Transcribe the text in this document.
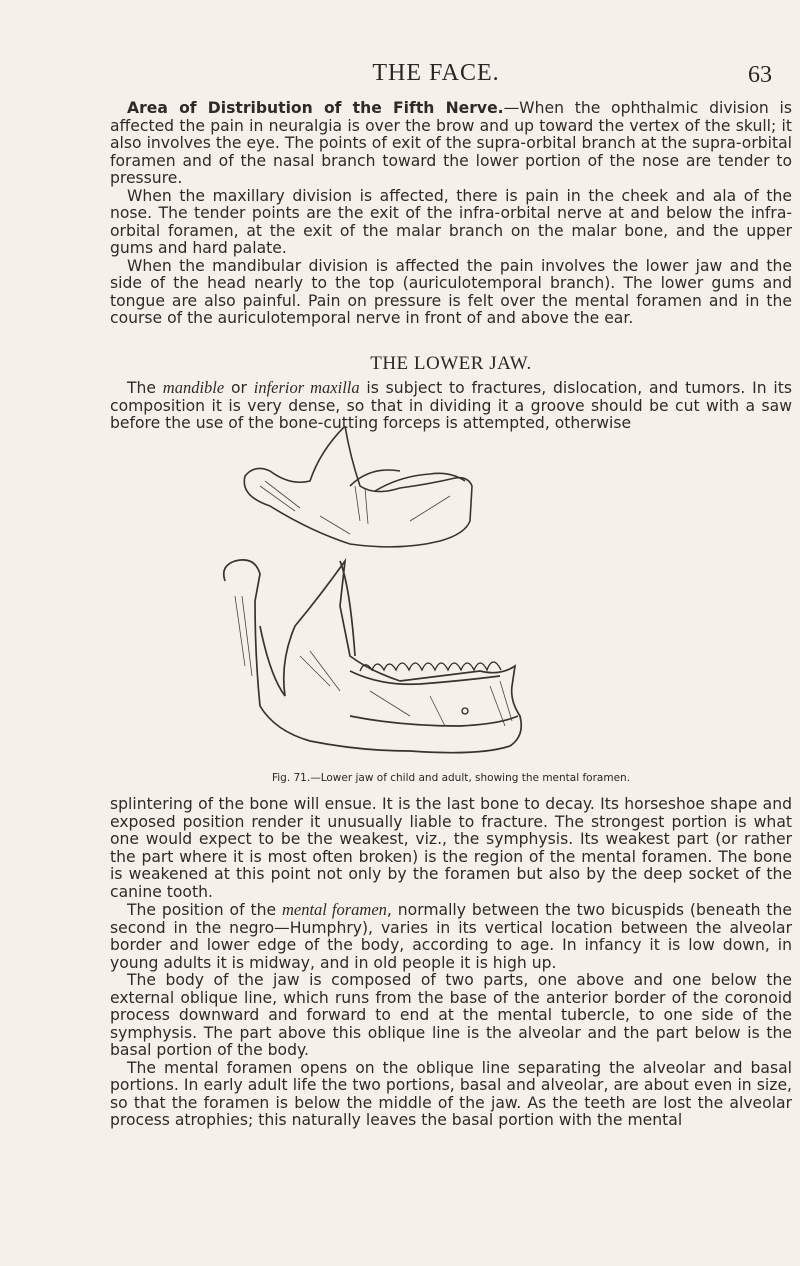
THE FACE.	63

Area of Distribution of the Fifth Nerve.—When the ophthalmic division is affected the pain in neuralgia is over the brow and up toward the vertex of the skull; it also involves the eye. The points of exit of the supra-orbital branch at the supra-orbital foramen and of the nasal branch toward the lower portion of the nose are tender to pressure.

When the maxillary division is affected, there is pain in the cheek and ala of the nose. The tender points are the exit of the infra-orbital nerve at and below the infra-orbital foramen, at the exit of the malar branch on the malar bone, and the upper gums and hard palate.

When the mandibular division is affected the pain involves the lower jaw and the side of the head nearly to the top (auriculotemporal branch). The lower gums and tongue are also painful. Pain on pressure is felt over the mental foramen and in the course of the auriculotemporal nerve in front of and above the ear.

THE LOWER JAW.

The mandible or inferior maxilla is subject to fractures, dislocation, and tumors. In its composition it is very dense, so that in dividing it a groove should be cut with a saw before the use of the bone-cutting forceps is attempted, otherwise

Fig. 71.—Lower jaw of child and adult, showing the mental foramen.

splintering of the bone will ensue. It is the last bone to decay. Its horseshoe shape and exposed position render it unusually liable to fracture. The strongest portion is what one would expect to be the weakest, viz., the symphysis. Its weakest part (or rather the part where it is most often broken) is the region of the mental foramen. The bone is weakened at this point not only by the foramen but also by the deep socket of the canine tooth.

The position of the mental foramen, normally between the two bicuspids (beneath the second in the negro—Humphry), varies in its vertical location between the alveolar border and lower edge of the body, according to age. In infancy it is low down, in young adults it is midway, and in old people it is high up.

The body of the jaw is composed of two parts, one above and one below the external oblique line, which runs from the base of the anterior border of the coronoid process downward and forward to end at the mental tubercle, to one side of the symphysis. The part above this oblique line is the alveolar and the part below is the basal portion of the body.

The mental foramen opens on the oblique line separating the alveolar and basal portions. In early adult life the two portions, basal and alveolar, are about even in size, so that the foramen is below the middle of the jaw. As the teeth are lost the alveolar process atrophies; this naturally leaves the basal portion with the mental
